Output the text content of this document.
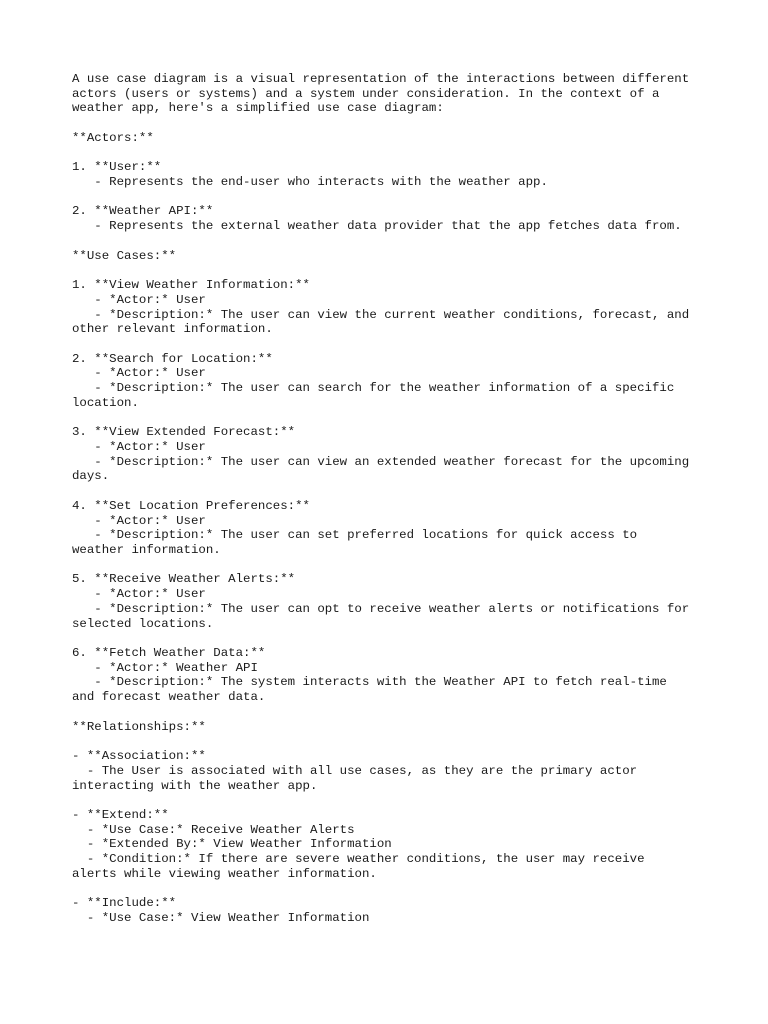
A use case diagram is a visual representation of the interactions between different
actors (users or systems) and a system under consideration. In the context of a
weather app, here's a simplified use case diagram:
**Actors:**
1. **User:**
- Represents the end-user who interacts with the weather app.
2. **Weather API:**
- Represents the external weather data provider that the app fetches data from.
**Use Cases:**
1. **View Weather Information:**
- *Actor:* User
- *Description:* The user can view the current weather conditions, forecast, and
other relevant information.
2. **Search for Location:**
- *Actor:* User
- *Description:* The user can search for the weather information of a specific
location.
3. **View Extended Forecast:**
- *Actor:* User
- *Description:* The user can view an extended weather forecast for the upcoming
days.
4. **Set Location Preferences:**
- *Actor:* User
- *Description:* The user can set preferred locations for quick access to
weather information.
5. **Receive Weather Alerts:**
- *Actor:* User
- *Description:* The user can opt to receive weather alerts or notifications for
selected locations.
6. **Fetch Weather Data:**
- *Actor:* Weather API
- *Description:* The system interacts with the Weather API to fetch real-time
and forecast weather data.
**Relationships:**
- **Association:**
- The User is associated with all use cases, as they are the primary actor
interacting with the weather app.
- **Extend:**
- *Use Case:* Receive Weather Alerts
- *Extended By:* View Weather Information
- *Condition:* If there are severe weather conditions, the user may receive
alerts while viewing weather information.
- **Include:**
- *Use Case:* View Weather Information
